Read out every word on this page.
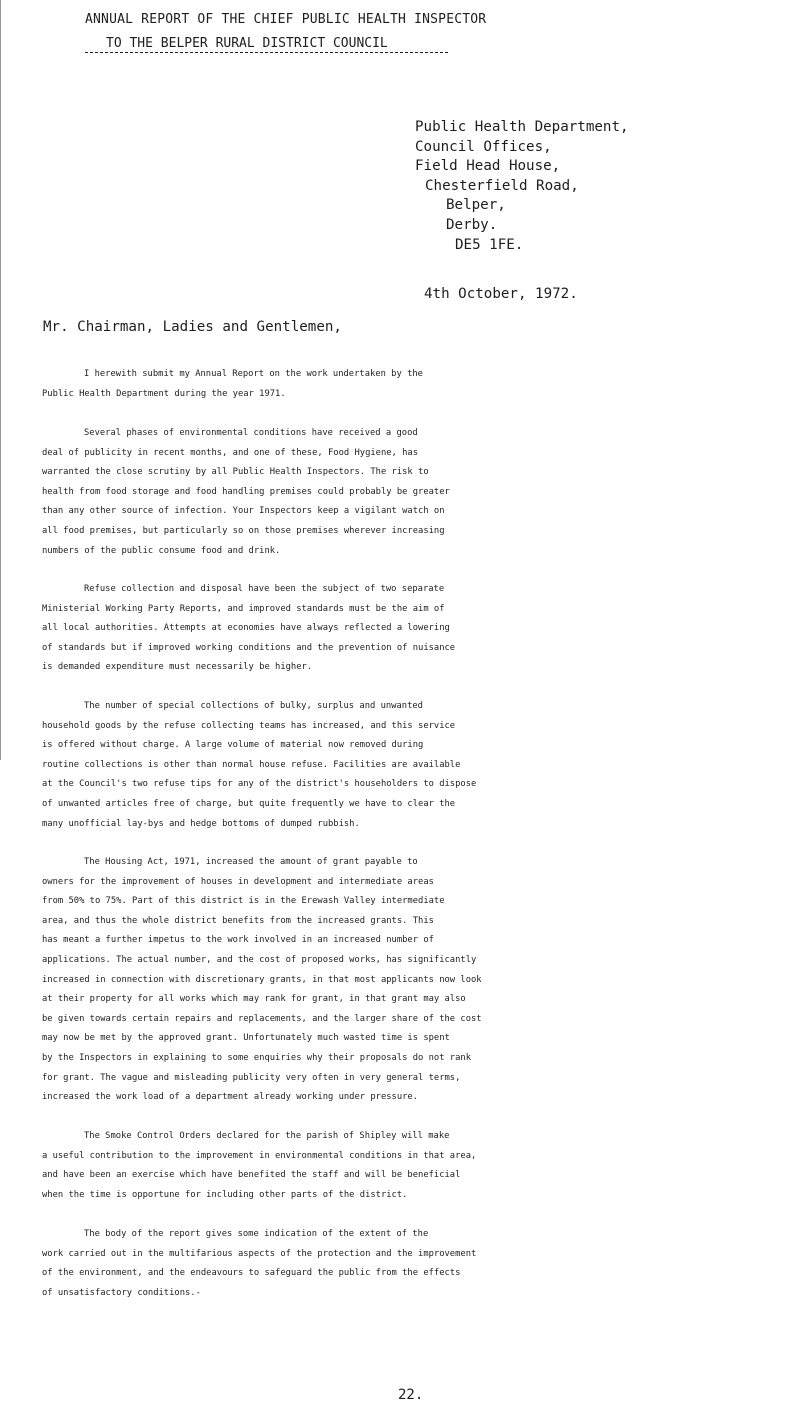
ANNUAL REPORT OF THE CHIEF PUBLIC HEALTH INSPECTOR
TO THE BELPER RURAL DISTRICT COUNCIL
Public Health Department,
Council Offices,
Field Head House,
Chesterfield Road,
Belper,
Derby.
DE5 1FE.
4th October, 1972.
Mr. Chairman, Ladies and Gentlemen,
I herewith submit my Annual Report on the work undertaken by the
Public Health Department during the year 1971.
Several phases of environmental conditions have received a good
deal of publicity in recent months, and one of these, Food Hygiene, has
warranted the close scrutiny by all Public Health Inspectors. The risk to
health from food storage and food handling premises could probably be greater
than any other source of infection. Your Inspectors keep a vigilant watch on
all food premises, but particularly so on those premises wherever increasing
numbers of the public consume food and drink.
Refuse collection and disposal have been the subject of two separate
Ministerial Working Party Reports, and improved standards must be the aim of
all local authorities. Attempts at economies have always reflected a lowering
of standards but if improved working conditions and the prevention of nuisance
is demanded expenditure must necessarily be higher.
The number of special collections of bulky, surplus and unwanted
household goods by the refuse collecting teams has increased, and this service
is offered without charge. A large volume of material now removed during
routine collections is other than normal house refuse. Facilities are available
at the Council's two refuse tips for any of the district's householders to dispose
of unwanted articles free of charge, but quite frequently we have to clear the
many unofficial lay-bys and hedge bottoms of dumped rubbish.
The Housing Act, 1971, increased the amount of grant payable to
owners for the improvement of houses in development and intermediate areas
from 50% to 75%. Part of this district is in the Erewash Valley intermediate
area, and thus the whole district benefits from the increased grants. This
has meant a further impetus to the work involved in an increased number of
applications. The actual number, and the cost of proposed works, has significantly
increased in connection with discretionary grants, in that most applicants now look
at their property for all works which may rank for grant, in that grant may also
be given towards certain repairs and replacements, and the larger share of the cost
may now be met by the approved grant. Unfortunately much wasted time is spent
by the Inspectors in explaining to some enquiries why their proposals do not rank
for grant. The vague and misleading publicity very often in very general terms,
increased the work load of a department already working under pressure.
The Smoke Control Orders declared for the parish of Shipley will make
a useful contribution to the improvement in environmental conditions in that area,
and have been an exercise which have benefited the staff and will be beneficial
when the time is opportune for including other parts of the district.
The body of the report gives some indication of the extent of the
work carried out in the multifarious aspects of the protection and the improvement
of the environment, and the endeavours to safeguard the public from the effects
of unsatisfactory conditions.-
22.
